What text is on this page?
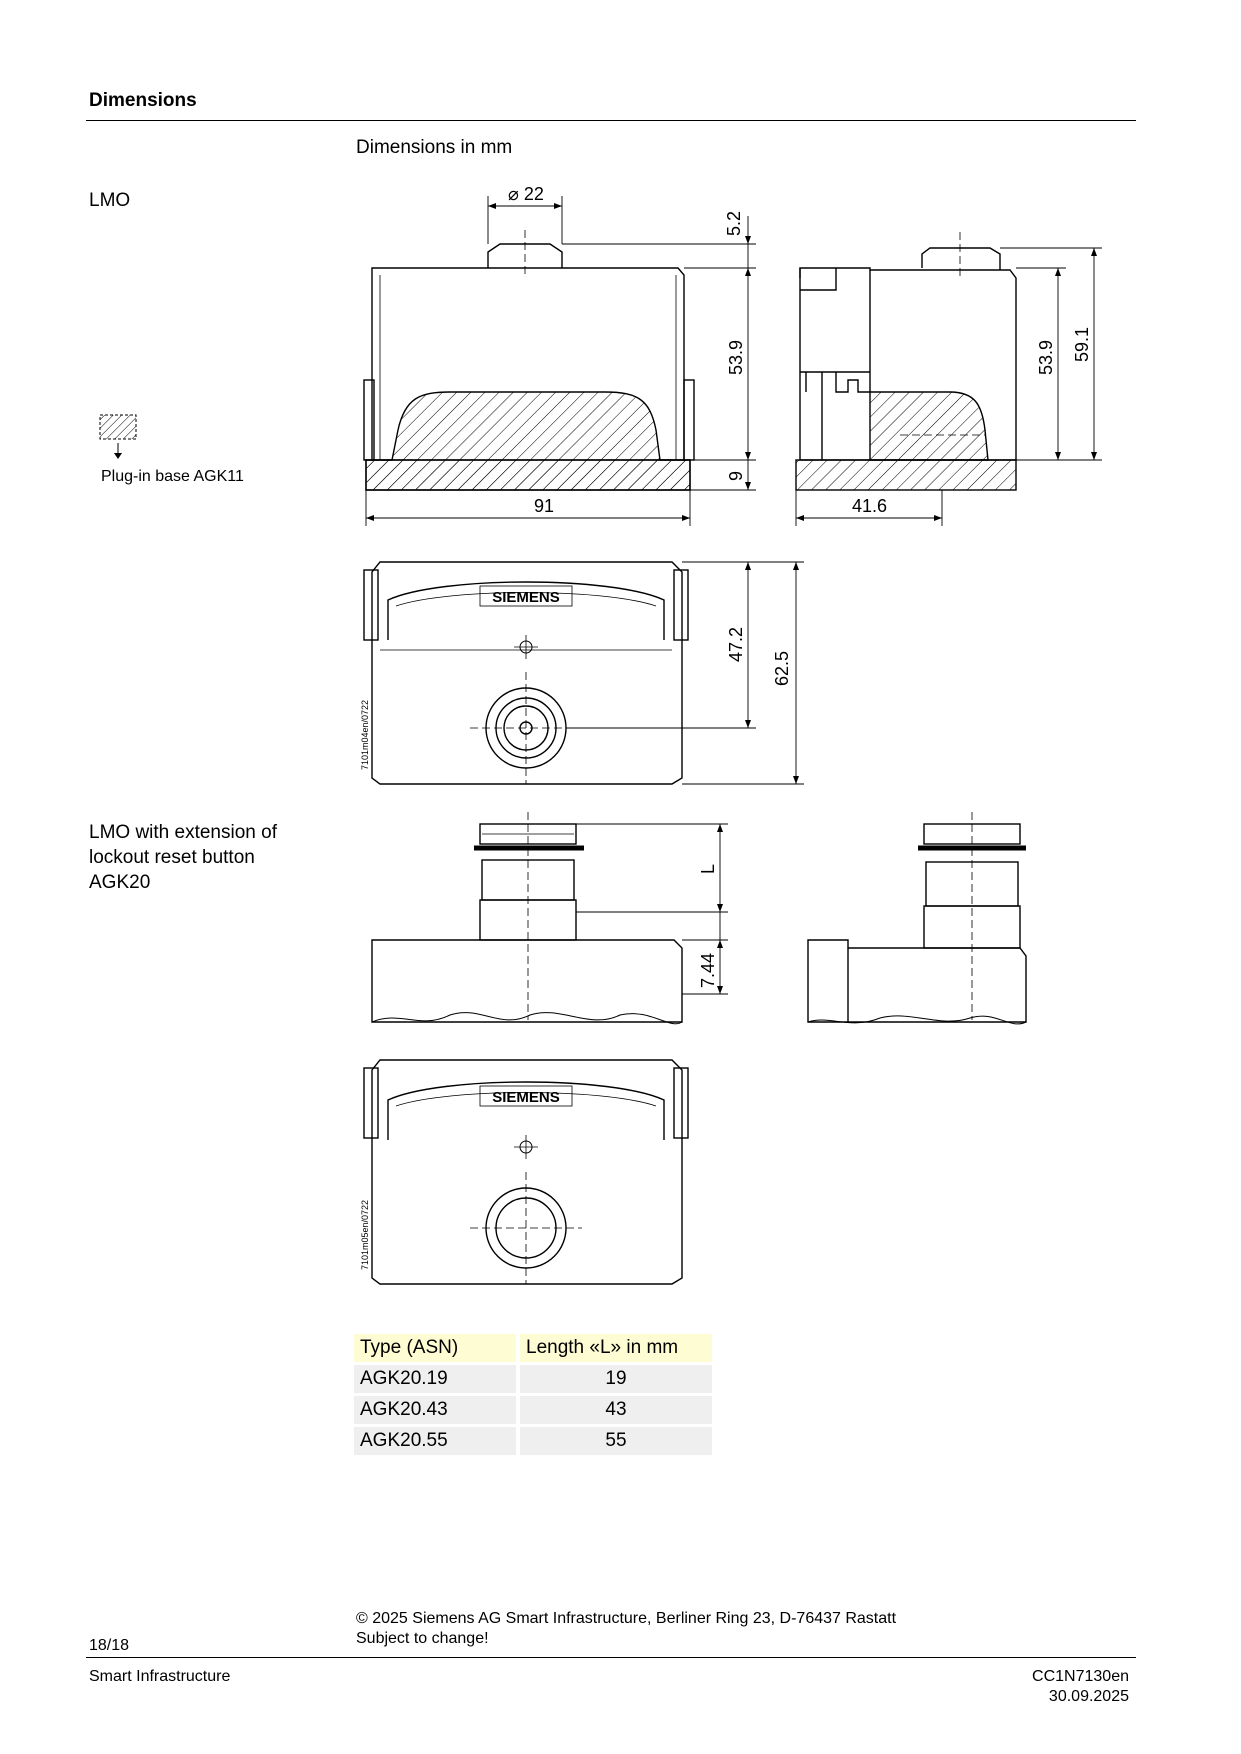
Dimensions
Dimensions in mm
LMO
Plug-in base AGK11
LMO with extension of
lockout reset button
AGK20
⌀ 22
5.2
53.9
9
91
53.9 59.1
41.6
47.2
62.5
L
7.44
SIEMENS
SIEMENS
7101m04en/0722
7101m05en/0722
Type (ASN)	Length «L» in mm
AGK20.19	19
AGK20.43	43
AGK20.55	55
© 2025 Siemens AG Smart Infrastructure, Berliner Ring 23, D-76437 Rastatt
Subject to change!
18/18
Smart Infrastructure	CC1N7130en
30.09.2025
